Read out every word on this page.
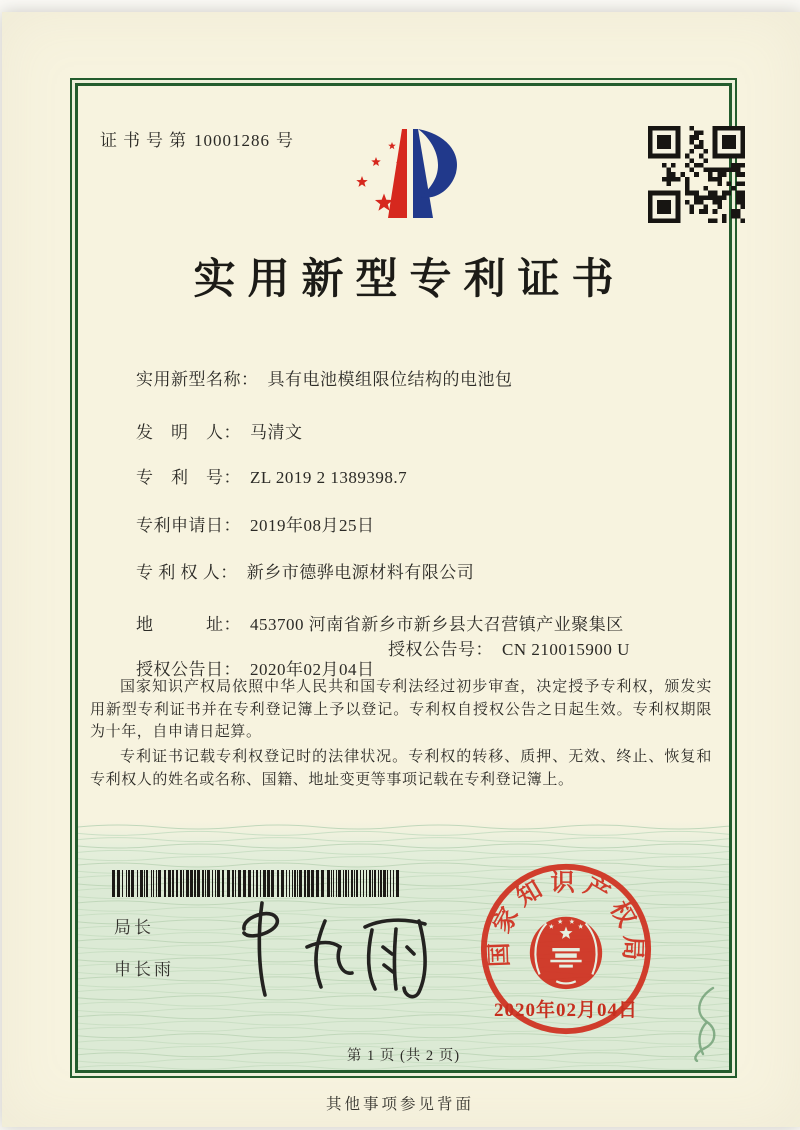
证书号第 10001286 号
实用新型专利证书

实用新型名称： 具有电池模组限位结构的电池包

发　明　人： 马清文

专　利　号： ZL 2019 2 1389398.7

专利申请日： 2019年08月25日

专 利 权 人： 新乡市德骅电源材料有限公司

地　　　址： 453700 河南省新乡市新乡县大召营镇产业聚集区

授权公告日： 2020年02月04日

授权公告号： CN 210015900 U

国家知识产权局依照中华人民共和国专利法经过初步审查，决定授予专利权，颁发实用新型专利证书并在专利登记簿上予以登记。专利权自授权公告之日起生效。专利权期限为十年，自申请日起算。

专利证书记载专利权登记时的法律状况。专利权的转移、质押、无效、终止、恢复和专利权人的姓名或名称、国籍、地址变更等事项记载在专利登记簿上。

局长
申长雨
国家知识产权局
2020年02月04日
第 1 页 (共 2 页)
其他事项参见背面
